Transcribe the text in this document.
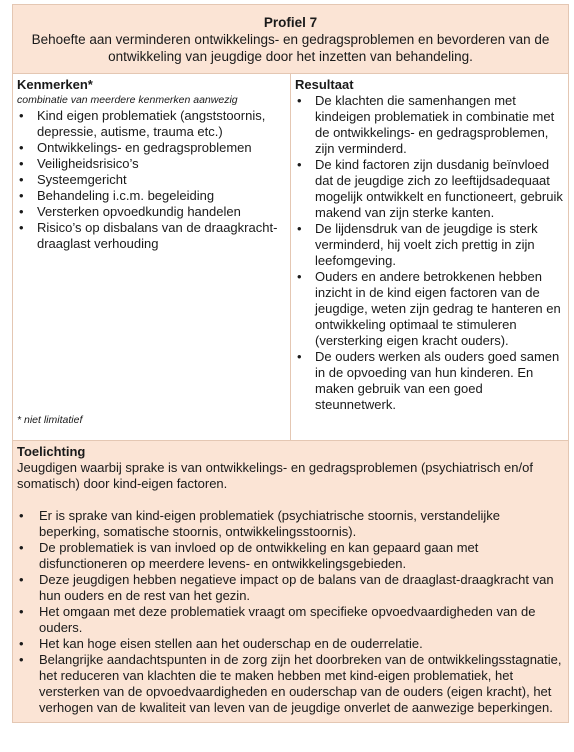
Profiel 7
Behoefte aan verminderen ontwikkelings- en gedragsproblemen en bevorderen van de ontwikkeling van jeugdige door het inzetten van behandeling.

Kenmerken*
combinatie van meerdere kenmerken aanwezig
• Kind eigen problematiek (angststoornis, depressie, autisme, trauma etc.)
• Ontwikkelings- en gedragsproblemen
• Veiligheidsrisico’s
• Systeemgericht
• Behandeling i.c.m. begeleiding
• Versterken opvoedkundig handelen
• Risico’s op disbalans van de draagkracht-draaglast verhouding
* niet limitatief

Resultaat
• De klachten die samenhangen met kindeigen problematiek in combinatie met de ontwikkelings- en gedragsproblemen, zijn verminderd.
• De kind factoren zijn dusdanig beïnvloed dat de jeugdige zich zo leeftijdsadequaat mogelijk ontwikkelt en functioneert, gebruik makend van zijn sterke kanten.
• De lijdensdruk van de jeugdige is sterk verminderd, hij voelt zich prettig in zijn leefomgeving.
• Ouders en andere betrokkenen hebben inzicht in de kind eigen factoren van de jeugdige, weten zijn gedrag te hanteren en ontwikkeling optimaal te stimuleren (versterking eigen kracht ouders).
• De ouders werken als ouders goed samen in de opvoeding van hun kinderen. En maken gebruik van een goed steunnetwerk.

Toelichting

Jeugdigen waarbij sprake is van ontwikkelings- en gedragsproblemen (psychiatrisch en/of somatisch) door kind-eigen factoren.

• Er is sprake van kind-eigen problematiek (psychiatrische stoornis, verstandelijke beperking, somatische stoornis, ontwikkelingsstoornis).
• De problematiek is van invloed op de ontwikkeling en kan gepaard gaan met disfunctioneren op meerdere levens- en ontwikkelingsgebieden.
• Deze jeugdigen hebben negatieve impact op de balans van de draaglast-draagkracht van hun ouders en de rest van het gezin.
• Het omgaan met deze problematiek vraagt om specifieke opvoedvaardigheden van de ouders.
• Het kan hoge eisen stellen aan het ouderschap en de ouderrelatie.
• Belangrijke aandachtspunten in de zorg zijn het doorbreken van de ontwikkelingsstagnatie, het reduceren van klachten die te maken hebben met kind-eigen problematiek, het versterken van de opvoedvaardigheden en ouderschap van de ouders (eigen kracht), het verhogen van de kwaliteit van leven van de jeugdige onverlet de aanwezige beperkingen.
